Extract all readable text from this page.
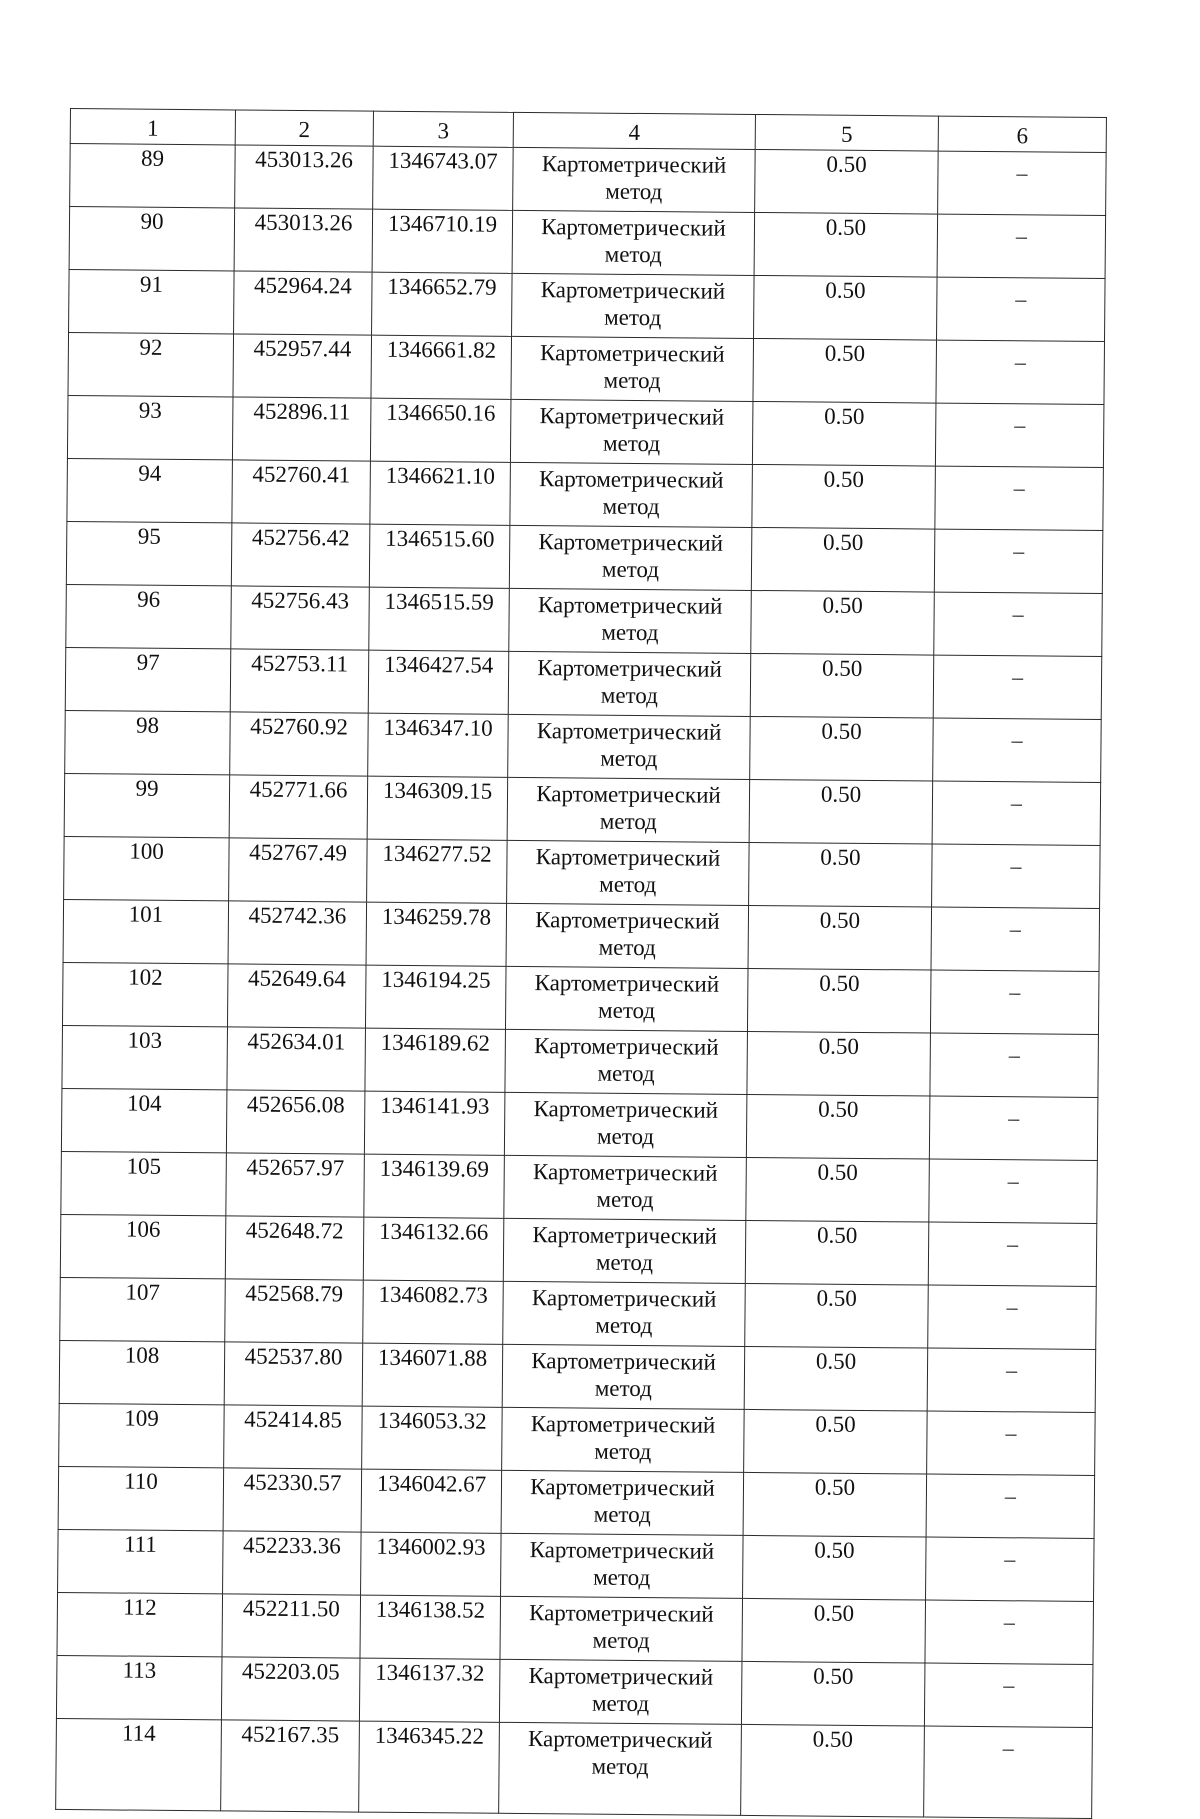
1	2	3	4	5	6
89	453013.26	1346743.07	Картометрический метод	0.50	–
90	453013.26	1346710.19	Картометрический метод	0.50	–
91	452964.24	1346652.79	Картометрический метод	0.50	–
92	452957.44	1346661.82	Картометрический метод	0.50	–
93	452896.11	1346650.16	Картометрический метод	0.50	–
94	452760.41	1346621.10	Картометрический метод	0.50	–
95	452756.42	1346515.60	Картометрический метод	0.50	–
96	452756.43	1346515.59	Картометрический метод	0.50	–
97	452753.11	1346427.54	Картометрический метод	0.50	–
98	452760.92	1346347.10	Картометрический метод	0.50	–
99	452771.66	1346309.15	Картометрический метод	0.50	–
100	452767.49	1346277.52	Картометрический метод	0.50	–
101	452742.36	1346259.78	Картометрический метод	0.50	–
102	452649.64	1346194.25	Картометрический метод	0.50	–
103	452634.01	1346189.62	Картометрический метод	0.50	–
104	452656.08	1346141.93	Картометрический метод	0.50	–
105	452657.97	1346139.69	Картометрический метод	0.50	–
106	452648.72	1346132.66	Картометрический метод	0.50	–
107	452568.79	1346082.73	Картометрический метод	0.50	–
108	452537.80	1346071.88	Картометрический метод	0.50	–
109	452414.85	1346053.32	Картометрический метод	0.50	–
110	452330.57	1346042.67	Картометрический метод	0.50	–
111	452233.36	1346002.93	Картометрический метод	0.50	–
112	452211.50	1346138.52	Картометрический метод	0.50	–
113	452203.05	1346137.32	Картометрический метод	0.50	–
114	452167.35	1346345.22	Картометрический метод	0.50	–
